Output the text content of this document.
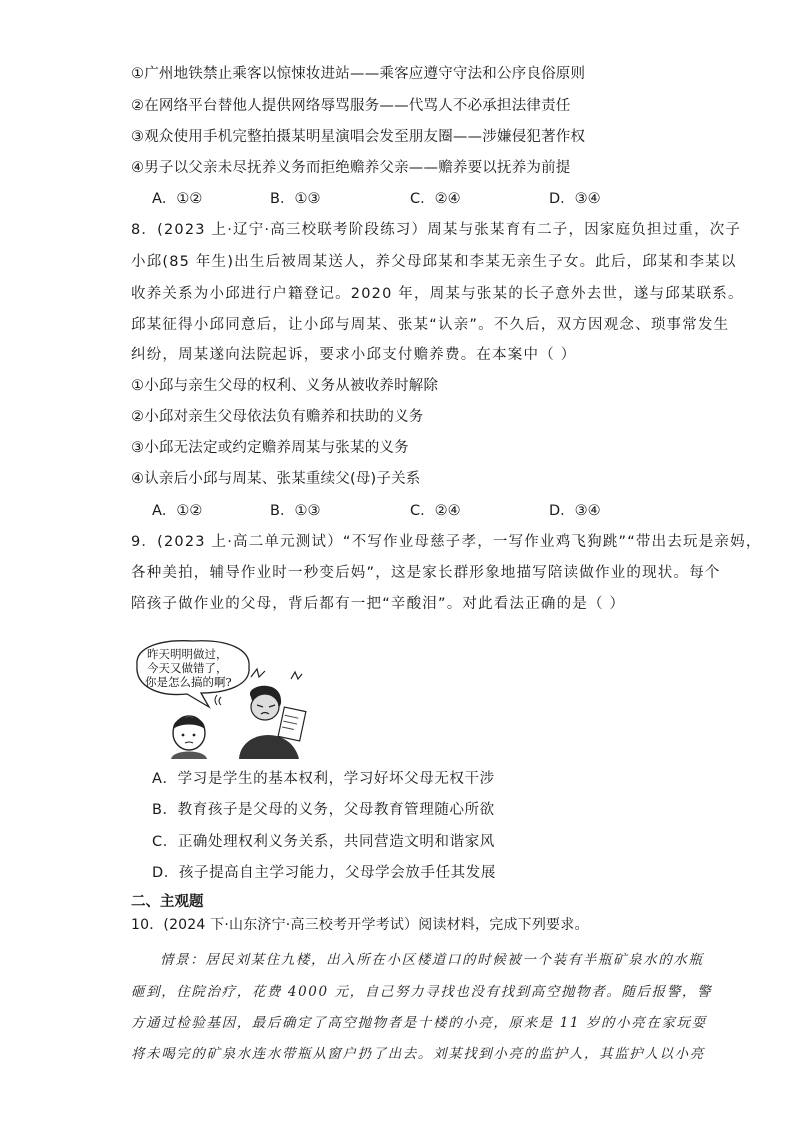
①广州地铁禁止乘客以惊悚妆进站——乘客应遵守守法和公序良俗原则
②在网络平台替他人提供网络辱骂服务——代骂人不必承担法律责任
③观众使用手机完整拍摄某明星演唱会发至朋友圈——涉嫌侵犯著作权
④男子以父亲未尽抚养义务而拒绝赡养父亲——赡养要以抚养为前提
A．①②	B．①③	C．②④	D．③④
8．(2023 上·辽宁·高三校联考阶段练习）周某与张某育有二子，因家庭负担过重，次子
小邱(85 年生)出生后被周某送人，养父母邱某和李某无亲生子女。此后，邱某和李某以
收养关系为小邱进行户籍登记。2020 年，周某与张某的长子意外去世，遂与邱某联系。
邱某征得小邱同意后，让小邱与周某、张某“认亲”。不久后，双方因观念、琐事常发生
纠纷，周某遂向法院起诉，要求小邱支付赡养费。在本案中（ ）
①小邱与亲生父母的权利、义务从被收养时解除
②小邱对亲生父母依法负有赡养和扶助的义务
③小邱无法定或约定赡养周某与张某的义务
④认亲后小邱与周某、张某重续父(母)子关系
A．①②	B．①③	C．②④	D．③④
9．(2023 上·高二单元测试）“不写作业母慈子孝，一写作业鸡飞狗跳”“带出去玩是亲妈，
各种美拍，辅导作业时一秒变后妈”，这是家长群形象地描写陪读做作业的现状。每个
陪孩子做作业的父母，背后都有一把“辛酸泪”。对此看法正确的是（ ）
昨天明明做过，
今天又做错了，
你是怎么搞的啊?
A．学习是学生的基本权利，学习好坏父母无权干涉
B．教育孩子是父母的义务，父母教育管理随心所欲
C．正确处理权利义务关系，共同营造文明和谐家风
D．孩子提高自主学习能力，父母学会放手任其发展
二、主观题
10．(2024 下·山东济宁·高三校考开学考试）阅读材料，完成下列要求。
情景：居民刘某住九楼，出入所在小区楼道口的时候被一个装有半瓶矿泉水的水瓶
砸到，住院治疗，花费 4000 元，自己努力寻找也没有找到高空抛物者。随后报警，警
方通过检验基因，最后确定了高空抛物者是十楼的小亮，原来是 11 岁的小亮在家玩耍
将未喝完的矿泉水连水带瓶从窗户扔了出去。刘某找到小亮的监护人，其监护人以小亮
